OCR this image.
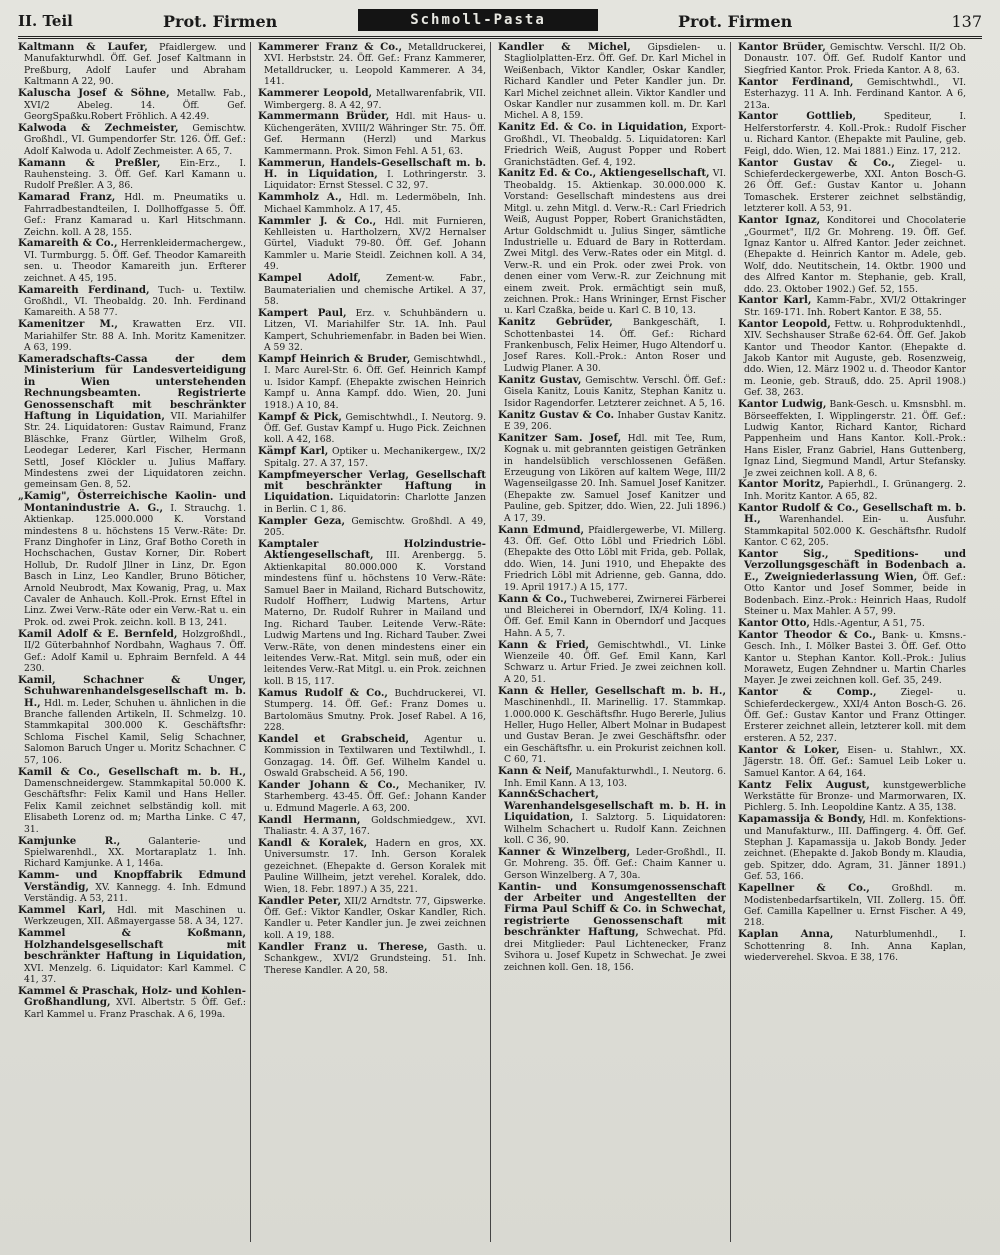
II. Teil	Prot. Firmen	Schmoll-Pasta	Prot. Firmen	137
Kaltmann & Laufer, Pfaidlergew. und Manufakturwhdl. Öff. Gef. Josef Kaltmann in Preßburg, Adolf Laufer und Abraham Kaltmann A 22, 90.
Kalusch​a Josef & Söhne, Metallw. Fab., XVI/2 Abeleg. 14. Öff. Gef. GeorgSpaßku.Robert Fröhlich. A 42.49.
Kalwoda & Zechmeister, Gemischtw. Großhdl., VI. Gumpendorfer Str. 126. Öff. Gef.: Adolf Kalwoda u. Adolf Zechmeister. A 65, 7.
Kamann & Preßler, Ein-Erz., I. Rauhensteing. 3. Öff. Gef. Karl Kamann u. Rudolf Preßler. A 3, 86.
Kamarad Franz, Hdl. m. Pneumatiks u. Fahrradbestandteilen, I. Dollhoffgasse 5. Öff. Gef.: Franz Kamarad u. Karl Hitschmann. Zeichn. koll. A 28, 155.
Kamareith & Co., Herrenkleidermachergew., VI. Turmburgg. 5. Öff. Gef. Theodor Kamareith sen. u. Theodor Kamareith jun. Erfterer zeichnet. A 45, 195.
Kamareith Ferdinand, Tuch- u. Textilw. Großhdl., VI. Theobaldg. 20. Inh. Ferdinand Kamareith. A 58 77.
Kamenitzer M., Krawatten Erz. VII. Mariahilfer Str. 88 A. Inh. Moritz Kamenitzer. A 63, 199.
Kameradschafts-Cassa der dem Ministerium für Landesverteidigung in Wien unterstehenden Rechnungsbeamten. Registrierte Genossenschaft mit beschränkter Haftung in Liquidation, VII. Mariahilfer Str. 24. Liquidatoren: Gustav Raimund, Franz Bläschke, Franz Gürtler, Wilhelm Groß, Leodegar Lederer, Karl Fischer, Hermann Settl, Josef Klöckler u. Julius Maffary. Mindestens zwei der Liquidatoren zeichn. gemeinsam Gen. 8, 52.
„Kamig", Österreichische Kaolin- und Montanindustrie A. G., I. Strauchg. 1. Aktienkap. 125.000.000 K. Vorstand mindestens 8 u. höchstens 15 Verw.-Räte: Dr. Franz Dinghofer in Linz, Graf Botho Coreth in Hochschachen, Gustav Korner, Dir. Robert Hollub, Dr. Rudolf Jllner in Linz, Dr. Egon Basch in Linz, Leo Kandler, Bruno Böticher, Arnold Neubrodt, Max Kowanig, Prag, u. Max Cavaler de Anhauch. Koll.-Prok. Ernst Eftel in Linz. Zwei Verw.-Räte oder ein Verw.-Rat u. ein Prok. od. zwei Prok. zeichn. koll. B 13, 241.
Kamil Adolf & E. Bernfeld, Holzgroßhdl., II/2 Güterbahnhof Nordbahn, Waghaus 7. Öff. Gef.: Adolf Kamil u. Ephraim Bernfeld. A 44 230.
Kamil, Schachner & Unger, Schuhwarenhandelsgesellschaft m. b. H., Hdl. m. Leder, Schuhen u. ähnlichen in die Branche fallenden Artikeln, II. Schmelzg. 10. Stammkapital 300.000 K. Geschäftsfhr: Schloma Fischel Kamil, Selig Schachner, Salomon Baruch Unger u. Moritz Schachner. C 57, 106.
Kamil & Co., Gesellschaft m. b. H., Damenschneidergew. Stammkapital 50.000 K. Geschäftsfhr: Felix Kamil und Hans Heller. Felix Kamil zeichnet selbständig koll. mit Elisabeth Lorenz od. m; Martha Linke. C 47, 31.
Kamjunke R., Galanterie- und Spielwarenhdl., XX. Mortaraplatz 1. Inh. Richard Kamjunke. A 1, 146a.
Kamm- und Knopffabrik Edmund Verständig, XV. Kannegg. 4. Inh. Edmund Verständig. A 53, 211.
Kammel Karl, Hdl. mit Maschinen u. Werkzeugen, XII. Aßmayergasse 58. A 34, 127.
Kammel & Koßmann, Holzhandelsgesellschaft mit beschränkter Haftung in Liquidation, XVI. Menzelg. 6. Liquidator: Karl Kammel. C 41, 37.
Kammel & Praschak, Holz- und Kohlen-Großhandlung, XVI. Albertstr. 5 Öff. Gef.: Karl Kammel u. Franz Praschak. A 6, 199a.
Kammerer Franz & Co., Metalldruckerei, XVI. Herbststr. 24. Öff. Gef.: Franz Kammerer, Metalldrucker, u. Leopold Kammerer. A 34, 141.
Kammerer Leopold, Metallwarenfabrik, VII. Wimbergerg. 8. A 42, 97.
Kammermann Brüder, Hdl. mit Haus- u. Küchengeräten, XVIII/2 Währinger Str. 75. Öff. Gef. Hermann (Herzl) und Markus Kammermann. Prok. Simon Fehl. A 51, 63.
Kammerun, Handels-Gesellschaft m. b. H. in Liquidation, I. Lothringerstr. 3. Liquidator: Ernst Stessel. C 32, 97.
Kammholz A., Hdl. m. Ledermöbeln, Inh. Michael Kammholz. A 17, 45.
Kammler J. & Co., Hdl. mit Furnieren, Kehlleisten u. Hartholzern, XV/2 Hernalser Gürtel, Viadukt 79-80. Öff. Gef. Johann Kammler u. Marie Steidl. Zeichnen koll. A 34, 49.
Kampel Adolf, Zement-w. Fabr., Baumaterialien und chemische Artikel. A 37, 58.
Kampert Paul, Erz. v. Schuhbändern u. Litzen, VI. Mariahilfer Str. 1A. Inh. Paul Kampert, Schuhriemenfabr. in Baden bei Wien. A 59 32.
Kampf Heinrich & Bruder, Gemischtwhdl., I. Marc Aurel-Str. 6. Öff. Gef. Heinrich Kampf u. Isidor Kampf. (Ehepakte zwischen Heinrich Kampf u. Anna Kampf. ddo. Wien, 20. Juni 1918.) A 10, 84.
Kampf & Pick, Gemischtwhdl., I. Neutorg. 9. Öff. Gef. Gustav Kampf u. Hugo Pick. Zeichnen koll. A 42, 168.
Kämpf Karl, Optiker u. Mechanikergew., IX/2 Spitalg. 27. A 37, 157.
Kampfmeyerscher Verlag, Gesellschaft mit beschränkter Haftung in Liquidation. Liquidatorin: Charlotte Janzen in Berlin. C 1, 86.
Kampler Geza, Gemischtw. Großhdl. A 49, 205.
Kamptaler Holzindustrie-Aktiengesellschaft, III. Arenbergg. 5. Aktienkapital 80.000.000 K. Vorstand mindestens fünf u. höchstens 10 Verw.-Räte: Samuel Baer in Mailand, Richard Butschowitz, Rudolf Hoffherr, Ludwig Martens, Artur Materno, Dr. Rudolf Ruhrer in Mailand und Ing. Richard Tauber. Leitende Verw.-Räte: Ludwig Martens und Ing. Richard Tauber. Zwei Verw.-Räte, von denen mindestens einer ein leitendes Verw.-Rat. Mitgl. sein muß, oder ein leitendes Verw.-Rat Mitgl. u. ein Prok. zeichnen koll. B 15, 117.
Kamus Rudolf & Co., Buchdruckerei, VI. Stumperg. 14. Öff. Gef.: Franz Domes u. Bartolomäus Smutny. Prok. Josef Rabel. A 16, 228.
Kandel et Grabscheid, Agentur u. Kommission in Textilwaren und Textilwhdl., I. Gonzagag. 14. Öff. Gef. Wilhelm Kandel u. Oswald Grabscheid. A 56, 190.
Kander Johann & Co., Mechaniker, IV. Starhemberg. 43-45. Öff. Gef.: Johann Kander u. Edmund Magerle. A 63, 200.
Kandl Hermann, Goldschmiedgew., XVI. Thaliastr. 4. A 37, 167.
Kandl & Koralek, Hadern en gros, XX. Universumstr. 17. Inh. Gerson Koralek gezeichnet. (Ehepakte d. Gerson Koralek mit Pauline Willheim, jetzt verehel. Koralek, ddo. Wien, 18. Febr. 1897.) A 35, 221.
Kandler Peter, XII/2 Arndtstr. 77, Gipswerke. Öff. Gef.: Viktor Kandler, Oskar Kandler, Rich. Kandler u. Peter Kandler jun. Je zwei zeichnen koll. A 19, 188.
Kandler Franz u. Therese, Gasth. u. Schankgew., XVI/2 Grundsteing. 51. Inh. Therese Kandler. A 20, 58.
Kandler & Michel, Gipsdielen- u. Stagliolplatten-Erz. Öff. Gef. Dr. Karl Michel in Weißenbach, Viktor Kandler, Oskar Kandler, Richard Kandler und Peter Kandler jun. Dr. Karl Michel zeichnet allein. Viktor Kandler und Oskar Kandler nur zusammen koll. m. Dr. Karl Michel. A 8, 159.
Kanitz Ed. & Co. in Liquidation, Export-Großhdl., VI. Theobaldg. 5. Liquidatoren: Karl Friedrich Weiß, August Popper und Robert Granichstädten. Gef. 4, 192.
Kanitz Ed. & Co., Aktiengesellschaft, VI. Theobaldg. 15. Aktienkap. 30.000.000 K. Vorstand: Gesellschaft mindestens aus drei Mitgl. u. zehn Mitgl. d. Verw.-R.: Carl Friedrich Weiß, August Popper, Robert Granichstädten, Artur Goldschmidt u. Julius Singer, sämtliche Industrielle u. Eduard de Bary in Rotterdam. Zwei Mitgl. des Verw.-Rates oder ein Mitgl. d. Verw.-R. und ein Prok. oder zwei Prok. von denen einer vom Verw.-R. zur Zeichnung mit einem zweit. Prok. ermächtigt sein muß, zeichnen. Prok.: Hans Wrininger, Ernst Fischer u. Karl Czaßka, beide u. Karl C. B 10, 13.
Kanitz Gebrüder, Bankgeschäft, I. Schottenbastei 14. Öff. Gef.: Richard Frankenbusch, Felix Heimer, Hugo Altendorf u. Josef Rares. Koll.-Prok.: Anton Roser und Ludwig Planer. A 30.
Kanitz Gustav, Gemischtw. Verschl. Öff. Gef.: Gisela Kanitz, Louis Kanitz, Stephan Kanitz u. Isidor Ragendorfer. Letzterer zeichnet. A 5, 16.
Kanitz Gustav & Co. Inhaber Gustav Kanitz. E 39, 206.
Kanitzer Sam. Josef, Hdl. mit Tee, Rum, Kognak u. mit gebrannten geistigen Getränken in handelsüblich verschlossenen Gefäßen. Erzeugung von Likören auf kaltem Wege, III/2 Wagenseilgasse 20. Inh. Samuel Josef Kanitzer. (Ehepakte zw. Samuel Josef Kanitzer und Pauline, geb. Spitzer, ddo. Wien, 22. Juli 1896.) A 17, 39.
Kann Edmund, Pfaidlergewerbe, VI. Millerg. 43. Öff. Gef. Otto Löbl und Friedrich Löbl. (Ehepakte des Otto Löbl mit Frida, geb. Pollak, ddo. Wien, 14. Juni 1910, und Ehepakte des Friedrich Löbl mit Adrienne, geb. Ganna, ddo. 19. April 1917.) A 15, 177.
Kann & Co., Tuchweberei, Zwirnerei Färberei und Bleicherei in Oberndorf, IX/4 Koling. 11. Öff. Gef. Emil Kann in Oberndorf und Jacques Hahn. A 5, 7.
Kann & Fried, Gemischtwhdl., VI. Linke Wienzeile 40. Öff. Gef. Emil Kann, Karl Schwarz u. Artur Fried. Je zwei zeichnen koll. A 20, 51.
Kann & Heller, Gesellschaft m. b. H., Maschinenhdl., II. Marinellig. 17. Stammkap. 1.000.000 K. Geschäftsfhr. Hugo Bererle, Julius Heller, Hugo Heller, Albert Molnar in Budapest und Gustav Beran. Je zwei Geschäftsfhr. oder ein Geschäftsfhr. u. ein Prokurist zeichnen koll. C 60, 71.
Kann & Neif, Manufakturwhdl., I. Neutorg. 6. Inh. Emil Kann. A 13, 103.
Kann&Schachert, Warenhandelsgesellschaft m. b. H. in Liquidation, I. Salztorg. 5. Liquidatoren: Wilhelm Schachert u. Rudolf Kann. Zeichnen koll. C 36, 90.
Kanner & Winzelberg, Leder-Großhdl., II. Gr. Mohreng. 35. Öff. Gef.: Chaim Kanner u. Gerson Winzelberg. A 7, 30a.
Kantin- und Konsumgenossenschaft der Arbeiter und Angestellten der Firma Paul Schiff & Co. in Schwechat, registrierte Genossenschaft mit beschränkter Haftung, Schwechat. Pfd. drei Mitglieder: Paul Lichtenecker, Franz Svihora u. Josef Kupetz in Schwechat. Je zwei zeichnen koll. Gen. 18, 156.
Kantor Brüder, Gemischtw. Verschl. II/2 Ob. Donaustr. 107. Öff. Gef. Rudolf Kantor und Siegfried Kantor. Prok. Frieda Kantor. A 8, 63.
Kantor Ferdinand, Gemischtwhdl., VI. Esterhazyg. 11 A. Inh. Ferdinand Kantor. A 6, 213a.
Kantor Gottlieb, Spediteur, I. Helferstorferstr. 4. Koll.-Prok.: Rudolf Fischer u. Richard Kantor. (Ehepakte mit Pauline, geb. Feigl, ddo. Wien, 12. Mai 1881.) Einz. 17, 212.
Kantor Gustav & Co., Ziegel- u. Schieferdeckergewerbe, XXI. Anton Bosch-G. 26 Öff. Gef.: Gustav Kantor u. Johann Tomaschek. Ersterer zeichnet selbständig, letzterer koll. A 53, 91.
Kantor Ignaz, Konditorei und Chocolaterie „Gourmet", II/2 Gr. Mohreng. 19. Öff. Gef. Ignaz Kantor u. Alfred Kantor. Jeder zeichnet. (Ehepakte d. Heinrich Kantor m. Adele, geb. Wolf, ddo. Neutitschein, 14. Oktbr. 1900 und des Alfred Kantor m. Stephanie, geb. Krall, ddo. 23. Oktober 1902.) Gef. 52, 155.
Kantor Karl, Kamm-Fabr., XVI/2 Ottakringer Str. 169-171. Inh. Robert Kantor. E 38, 55.
Kantor Leopold, Fettw. u. Rohproduktenhdl., XIV. Sechshauser Straße 62-64. Öff. Gef. Jakob Kantor und Theodor Kantor. (Ehepakte d. Jakob Kantor mit Auguste, geb. Rosenzweig, ddo. Wien, 12. März 1902 u. d. Theodor Kantor m. Leonie, geb. Strauß, ddo. 25. April 1908.) Gef. 38, 263.
Kantor Ludwig, Bank-Gesch. u. Kmsnsbhl. m. Börseeffekten, I. Wipplingerstr. 21. Öff. Gef.: Ludwig Kantor, Richard Kantor, Richard Pappenheim und Hans Kantor. Koll.-Prok.: Hans Eisler, Franz Gabriel, Hans Guttenberg, Ignaz Lind, Siegmund Mandl, Artur Stefansky. Je zwei zeichnen koll. A 8, 6.
Kantor Moritz, Papierhdl., I. Grünangerg. 2. Inh. Moritz Kantor. A 65, 82.
Kantor Rudolf & Co., Gesellschaft m. b. H., Warenhandel. Ein- u. Ausfuhr. Stammkapital 502.000 K. Geschäftsfhr. Rudolf Kantor. C 62, 205.
Kantor Sig., Speditions- und Verzollungsgeschäft in Bodenbach a. E., Zweigniederlassung Wien, Öff. Gef.: Otto Kantor und Josef Sommer, beide in Bodenbach. Einz.-Prok.: Heinrich Haas, Rudolf Steiner u. Max Mahler. A 57, 99.
Kantor Otto, Hdls.-Agentur, A 51, 75.
Kantor Theodor & Co., Bank- u. Kmsns.-Gesch. Inh., I. Mölker Bastei 3. Öff. Gef. Otto Kantor u. Stephan Kantor. Koll.-Prok.: Julius Morawetz, Eugen Zehndner u. Martin Charles Mayer. Je zwei zeichnen koll. Gef. 35, 249.
Kantor & Comp., Ziegel- u. Schieferdeckergew., XXI/4 Anton Bosch-G. 26. Öff. Gef.: Gustav Kantor und Franz Ottinger. Ersterer zeichnet allein, letzterer koll. mit dem ersteren. A 52, 237.
Kantor & Loker, Eisen- u. Stahlwr., XX. Jägerstr. 18. Öff. Gef.: Samuel Leib Loker u. Samuel Kantor. A 64, 164.
Kantz Felix August, kunstgewerbliche Werkstätte für Bronze- und Marmorwaren, IX. Pichlerg. 5. Inh. Leopoldine Kantz. A 35, 138.
Kapamassija & Bondy, Hdl. m. Konfektions- und Manufakturw., III. Daffingerg. 4. Öff. Gef. Stephan J. Kapamassija u. Jakob Bondy. Jeder zeichnet. (Ehepakte d. Jakob Bondy m. Klaudia, geb. Spitzer, ddo. Agram, 31. Jänner 1891.) Gef. 53, 166.
Kapellner & Co., Großhdl. m. Modistenbedarfsartikeln, VII. Zollerg. 15. Öff. Gef. Camilla Kapellner u. Ernst Fischer. A 49, 218.
Kaplan Anna, Naturblumenhdl., I. Schottenring 8. Inh. Anna Kaplan, wiederverehel. Skvoa. E 38, 176.
